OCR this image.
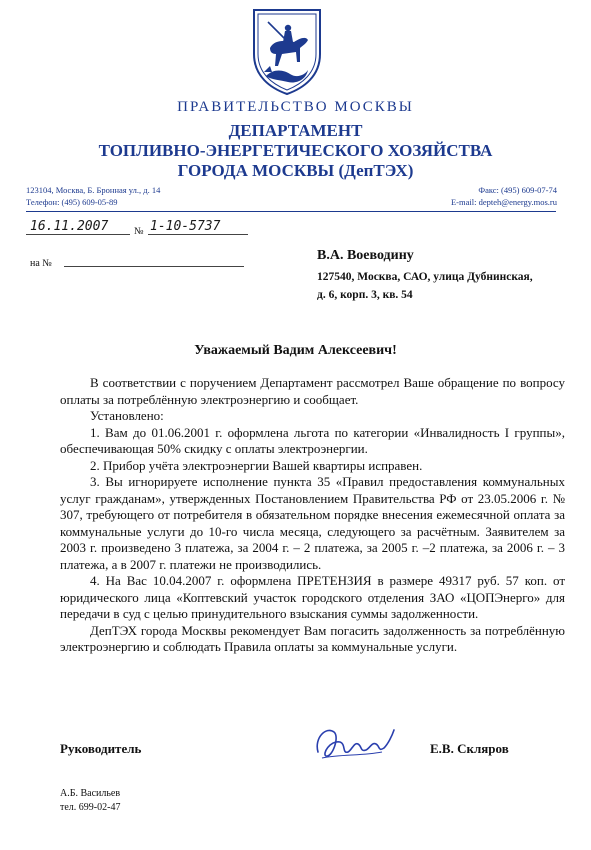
ПРАВИТЕЛЬСТВО МОСКВЫ
ДЕПАРТАМЕНТ
ТОПЛИВНО-ЭНЕРГЕТИЧЕСКОГО ХОЗЯЙСТВА
ГОРОДА МОСКВЫ (ДепТЭХ)
123104, Москва, Б. Бронная ул., д. 14
Телефон: (495) 609-05-89
Факс: (495) 609-07-74
E-mail: depteh@energy.mos.ru
16.11.2007	№ 1-10-5737
на №
В.А. Воеводину
127540, Москва, САО, улица Дубнинская,
д. 6, корп. 3, кв. 54
Уважаемый Вадим Алексеевич!

В соответствии с поручением Департамент рассмотрел Ваше обращение по вопросу оплаты за потреблённую электроэнергию и сообщает.

Установлено:

1. Вам до 01.06.2001 г. оформлена льгота по категории «Инвалидность I группы», обеспечивающая 50% скидку с оплаты электроэнергии.

2. Прибор учёта электроэнергии Вашей квартиры исправен.

3. Вы игнорируете исполнение пункта 35 «Правил предоставления коммунальных услуг гражданам», утвержденных Постановлением Правительства РФ от 23.05.2006 г. № 307, требующего от потребителя в обязательном порядке внесения ежемесячной оплата за коммунальные услуги до 10-го числа месяца, следующего за расчётным. Заявителем за 2003 г. произведено 3 платежа, за 2004 г. – 2 платежа, за 2005 г. –2 платежа, за 2006 г. – 3 платежа, а в 2007 г. платежи не производились.

4. На Вас 10.04.2007 г. оформлена ПРЕТЕНЗИЯ в размере 49317 руб. 57 коп. от юридического лица «Коптевский участок городского отделения ЗАО «ЦОПЭнерго» для передачи в суд с целью принудительного взыскания суммы задолженности.

ДепТЭХ города Москвы рекомендует Вам погасить задолженность за потреблённую электроэнергию и соблюдать Правила оплаты за коммунальные услуги.

Руководитель	Е.В. Скляров
А.Б. Васильев
тел. 699-02-47
